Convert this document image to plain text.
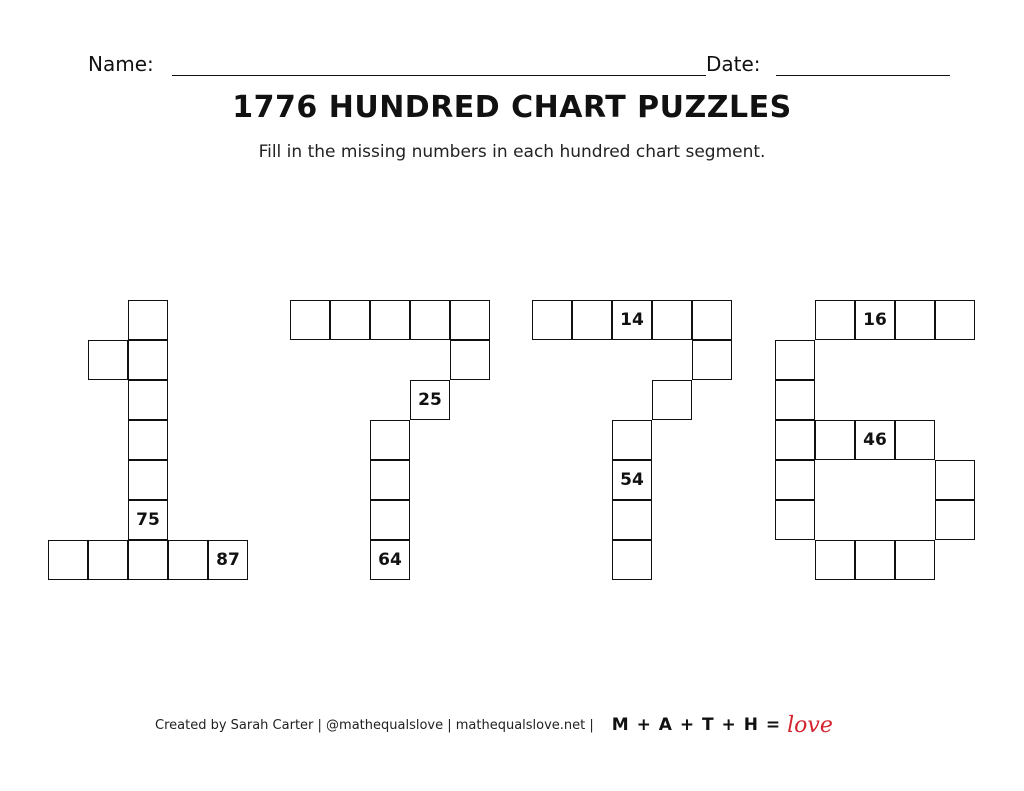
Name:	Date:
1776 HUNDRED CHART PUZZLES
Fill in the missing numbers in each hundred chart segment.
75
87
25
64
14
54
16
46
Created by Sarah Carter | @mathequalslove | mathequalslove.net | M + A + T + H = love
